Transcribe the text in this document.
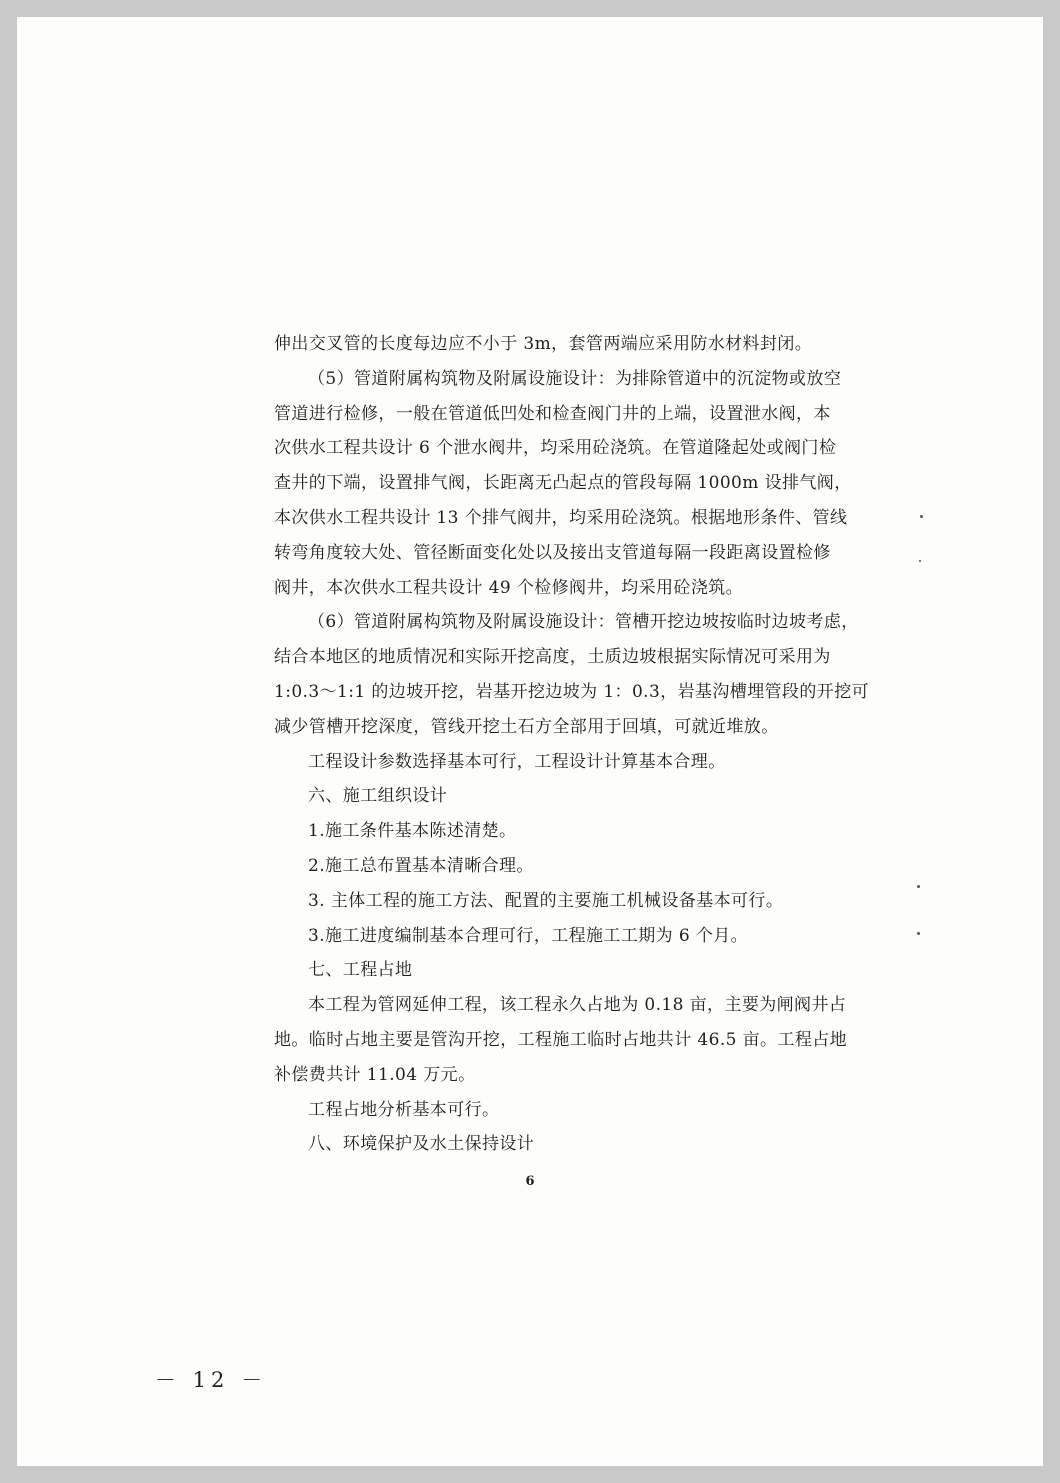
伸出交叉管的长度每边应不小于 3m，套管两端应采用防水材料封闭。
（5）管道附属构筑物及附属设施设计：为排除管道中的沉淀物或放空
管道进行检修，一般在管道低凹处和检查阀门井的上端，设置泄水阀，本
次供水工程共设计 6 个泄水阀井，均采用砼浇筑。在管道隆起处或阀门检
查井的下端，设置排气阀，长距离无凸起点的管段每隔 1000m 设排气阀，
本次供水工程共设计 13 个排气阀井，均采用砼浇筑。根据地形条件、管线
转弯角度较大处、管径断面变化处以及接出支管道每隔一段距离设置检修
阀井，本次供水工程共设计 49 个检修阀井，均采用砼浇筑。
（6）管道附属构筑物及附属设施设计：管槽开挖边坡按临时边坡考虑，
结合本地区的地质情况和实际开挖高度，土质边坡根据实际情况可采用为
1:0.3～1:1 的边坡开挖，岩基开挖边坡为 1：0.3，岩基沟槽埋管段的开挖可
减少管槽开挖深度，管线开挖土石方全部用于回填，可就近堆放。
工程设计参数选择基本可行，工程设计计算基本合理。
六、施工组织设计
1.施工条件基本陈述清楚。
2.施工总布置基本清晰合理。
3. 主体工程的施工方法、配置的主要施工机械设备基本可行。
3.施工进度编制基本合理可行，工程施工工期为 6 个月。
七、工程占地
本工程为管网延伸工程，该工程永久占地为 0.18 亩，主要为闸阀井占
地。临时占地主要是管沟开挖，工程施工临时占地共计 46.5 亩。工程占地
补偿费共计 11.04 万元。
工程占地分析基本可行。
八、环境保护及水土保持设计
6
－ 12 －
